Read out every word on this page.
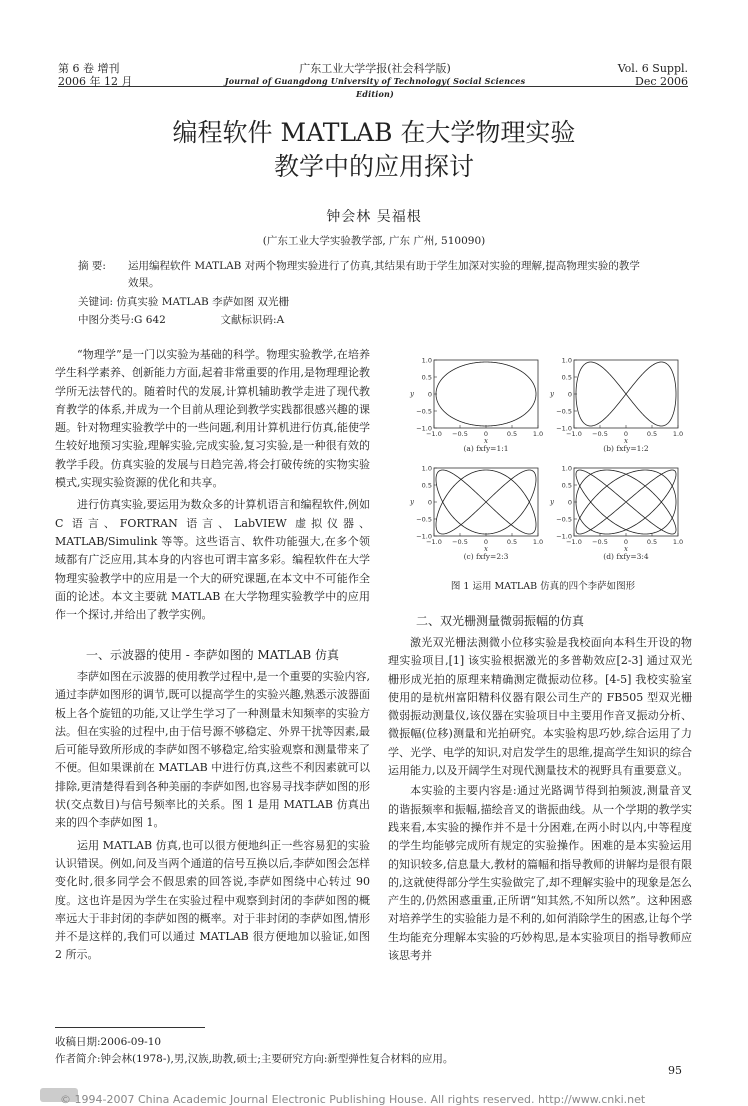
第 6 卷 增刊
2006 年 12 月
广东工业大学学报(社会科学版)
Journal of Guangdong University of Technology( Social Sciences Edition)
Vol. 6 Suppl.
Dec 2006
编程软件 MATLAB 在大学物理实验
教学中的应用探讨
钟会林 吴福根
(广东工业大学实验教学部, 广东 广州, 510090)
摘 要:	运用编程软件 MATLAB 对两个物理实验进行了仿真,其结果有助于学生加深对实验的理解,提高物理实验的教学效果。
关键词: 仿真实验 MATLAB 李萨如图 双光栅
中图分类号:G 642	文献标识码:A

“物理学”是一门以实验为基础的科学。物理实验教学,在培养学生科学素养、创新能力方面,起着非常重要的作用,是物理理论教学所无法替代的。随着时代的发展,计算机辅助教学走进了现代教育教学的体系,并成为一个目前从理论到教学实践都很感兴趣的课题。针对物理实验教学中的一些问题,利用计算机进行仿真,能使学生较好地预习实验,理解实验,完成实验,复习实验,是一种很有效的教学手段。仿真实验的发展与日趋完善,将会打破传统的实物实验模式,实现实验资源的优化和共享。

进行仿真实验,要运用为数众多的计算机语言和编程软件,例如 C 语言、FORTRAN 语言、LabVIEW 虚拟仪器、MATLAB/Simulink 等等。这些语言、软件功能强大,在多个领域都有广泛应用,其本身的内容也可谓丰富多彩。编程软件在大学物理实验教学中的应用是一个大的研究课题,在本文中不可能作全面的论述。本文主要就 MATLAB 在大学物理实验教学中的应用作一个探讨,并给出了教学实例。

一、示波器的使用 - 李萨如图的 MATLAB 仿真

李萨如图在示波器的使用教学过程中,是一个重要的实验内容,通过李萨如图形的调节,既可以提高学生的实验兴趣,熟悉示波器面板上各个旋钮的功能,又让学生学习了一种测量未知频率的实验方法。但在实验的过程中,由于信号源不够稳定、外界干扰等因素,最后可能导致所形成的李萨如图不够稳定,给实验观察和测量带来了不便。但如果课前在 MATLAB 中进行仿真,这些不利因素就可以排除,更清楚得看到各种美丽的李萨如图,也容易寻找李萨如图的形状(交点数目)与信号频率比的关系。图 1 是用 MATLAB 仿真出来的四个李萨如图 1。

运用 MATLAB 仿真,也可以很方便地纠正一些容易犯的实验认识错误。例如,问及当两个通道的信号互换以后,李萨如图会怎样变化时,很多同学会不假思索的回答说,李萨如图绕中心转过 90 度。这也许是因为学生在实验过程中观察到封闭的李萨如图的概率远大于非封闭的李萨如图的概率。对于非封闭的李萨如图,情形并不是这样的,我们可以通过 MATLAB 很方便地加以验证,如图 2 所示。

1.0
0.5
0
−0.5
−1.0
−1.0 −0.5 0	0.5 1.0
y
x
(a) fxfy=1:1
1.0
0.5
0
−0.5
−1.0
−1.0 −0.5 0	0.5 1.0
y
x
(b) fxfy=1:2
1.0
0.5
0
−0.5
−1.0
−1.0 −0.5 0	0.5 1.0
y
x
(c) fxfy=2:3
1.0
0.5
0
−0.5
−1.0
−1.0 −0.5 0	0.5 1.0
y
x
(d) fxfy=3:4
图 1 运用 MATLAB 仿真的四个李萨如图形
二、双光栅测量微弱振幅的仿真

激光双光栅法测微小位移实验是我校面向本科生开设的物理实验项目,[1] 该实验根据激光的多普勒效应[2-3] 通过双光栅形成光拍的原理来精确测定微振动位移。[4-5] 我校实验室使用的是杭州富阳精科仪器有限公司生产的 FB505 型双光栅微弱振动测量仪,该仪器在实验项目中主要用作音叉振动分析、微振幅(位移)测量和光拍研究。本实验构思巧妙,综合运用了力学、光学、电学的知识,对启发学生的思维,提高学生知识的综合运用能力,以及开阔学生对现代测量技术的视野具有重要意义。

本实验的主要内容是:通过光路调节得到拍频波,测量音叉的谐振频率和振幅,描绘音叉的谐振曲线。从一个学期的教学实践来看,本实验的操作并不是十分困难,在两小时以内,中等程度的学生均能够完成所有规定的实验操作。困难的是本实验运用的知识较多,信息量大,教材的篇幅和指导教师的讲解均是很有限的,这就使得部分学生实验做完了,却不理解实验中的现象是怎么产生的,仍然困惑重重,正所谓“知其然,不知所以然”。这种困惑对培养学生的实验能力是不利的,如何消除学生的困惑,让每个学生均能充分理解本实验的巧妙构思,是本实验项目的指导教师应该思考并

收稿日期:2006-09-10
作者简介:钟会林(1978-),男,汉族,助教,硕士;主要研究方向:新型弹性复合材料的应用。
95
© 1994-2007 China Academic Journal Electronic Publishing House. All rights reserved. http://www.cnki.net
